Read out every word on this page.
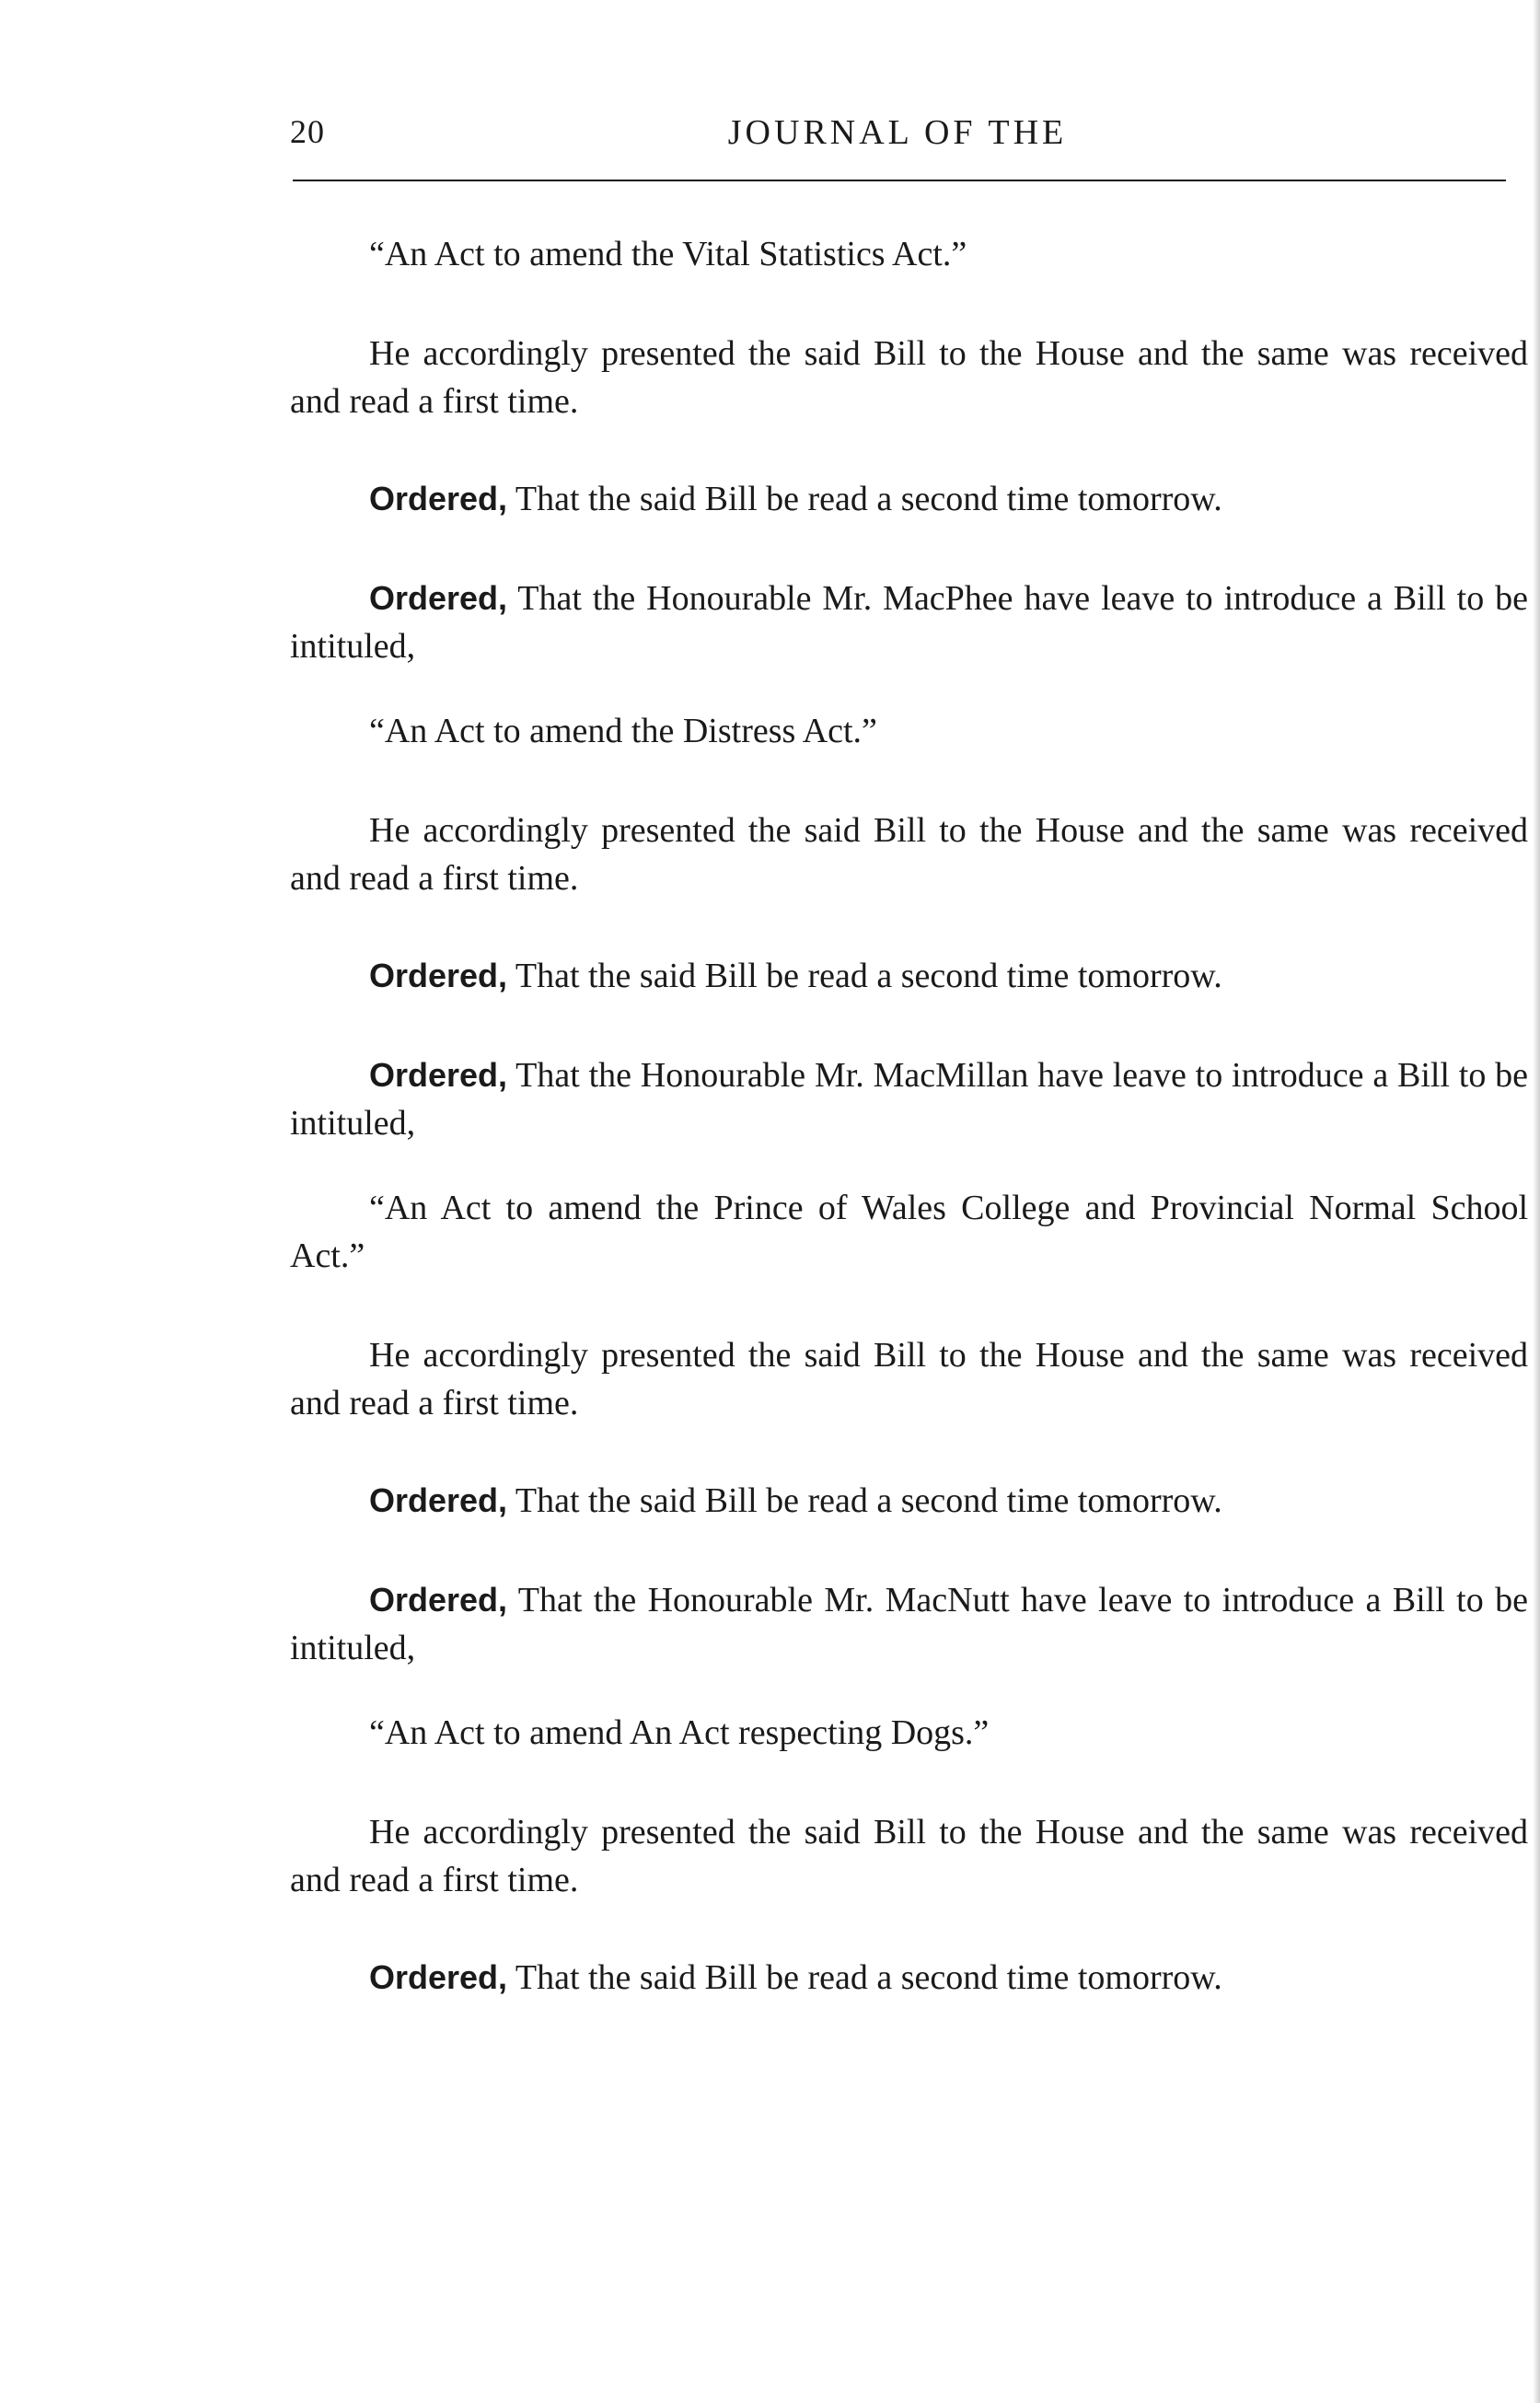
20	JOURNAL OF THE

“An Act to amend the Vital Statistics Act.”

He accordingly presented the said Bill to the House and the same was received and read a first time.

Ordered, That the said Bill be read a second time tomorrow.

Ordered, That the Honourable Mr. MacPhee have leave to introduce a Bill to be intituled,

“An Act to amend the Distress Act.”

He accordingly presented the said Bill to the House and the same was received and read a first time.

Ordered, That the said Bill be read a second time tomorrow.

Ordered, That the Honourable Mr. MacMillan have leave to introduce a Bill to be intituled,

“An Act to amend the Prince of Wales College and Provincial Normal School Act.”

He accordingly presented the said Bill to the House and the same was received and read a first time.

Ordered, That the said Bill be read a second time tomorrow.

Ordered, That the Honourable Mr. MacNutt have leave to introduce a Bill to be intituled,

“An Act to amend An Act respecting Dogs.”

He accordingly presented the said Bill to the House and the same was received and read a first time.

Ordered, That the said Bill be read a second time tomorrow.
